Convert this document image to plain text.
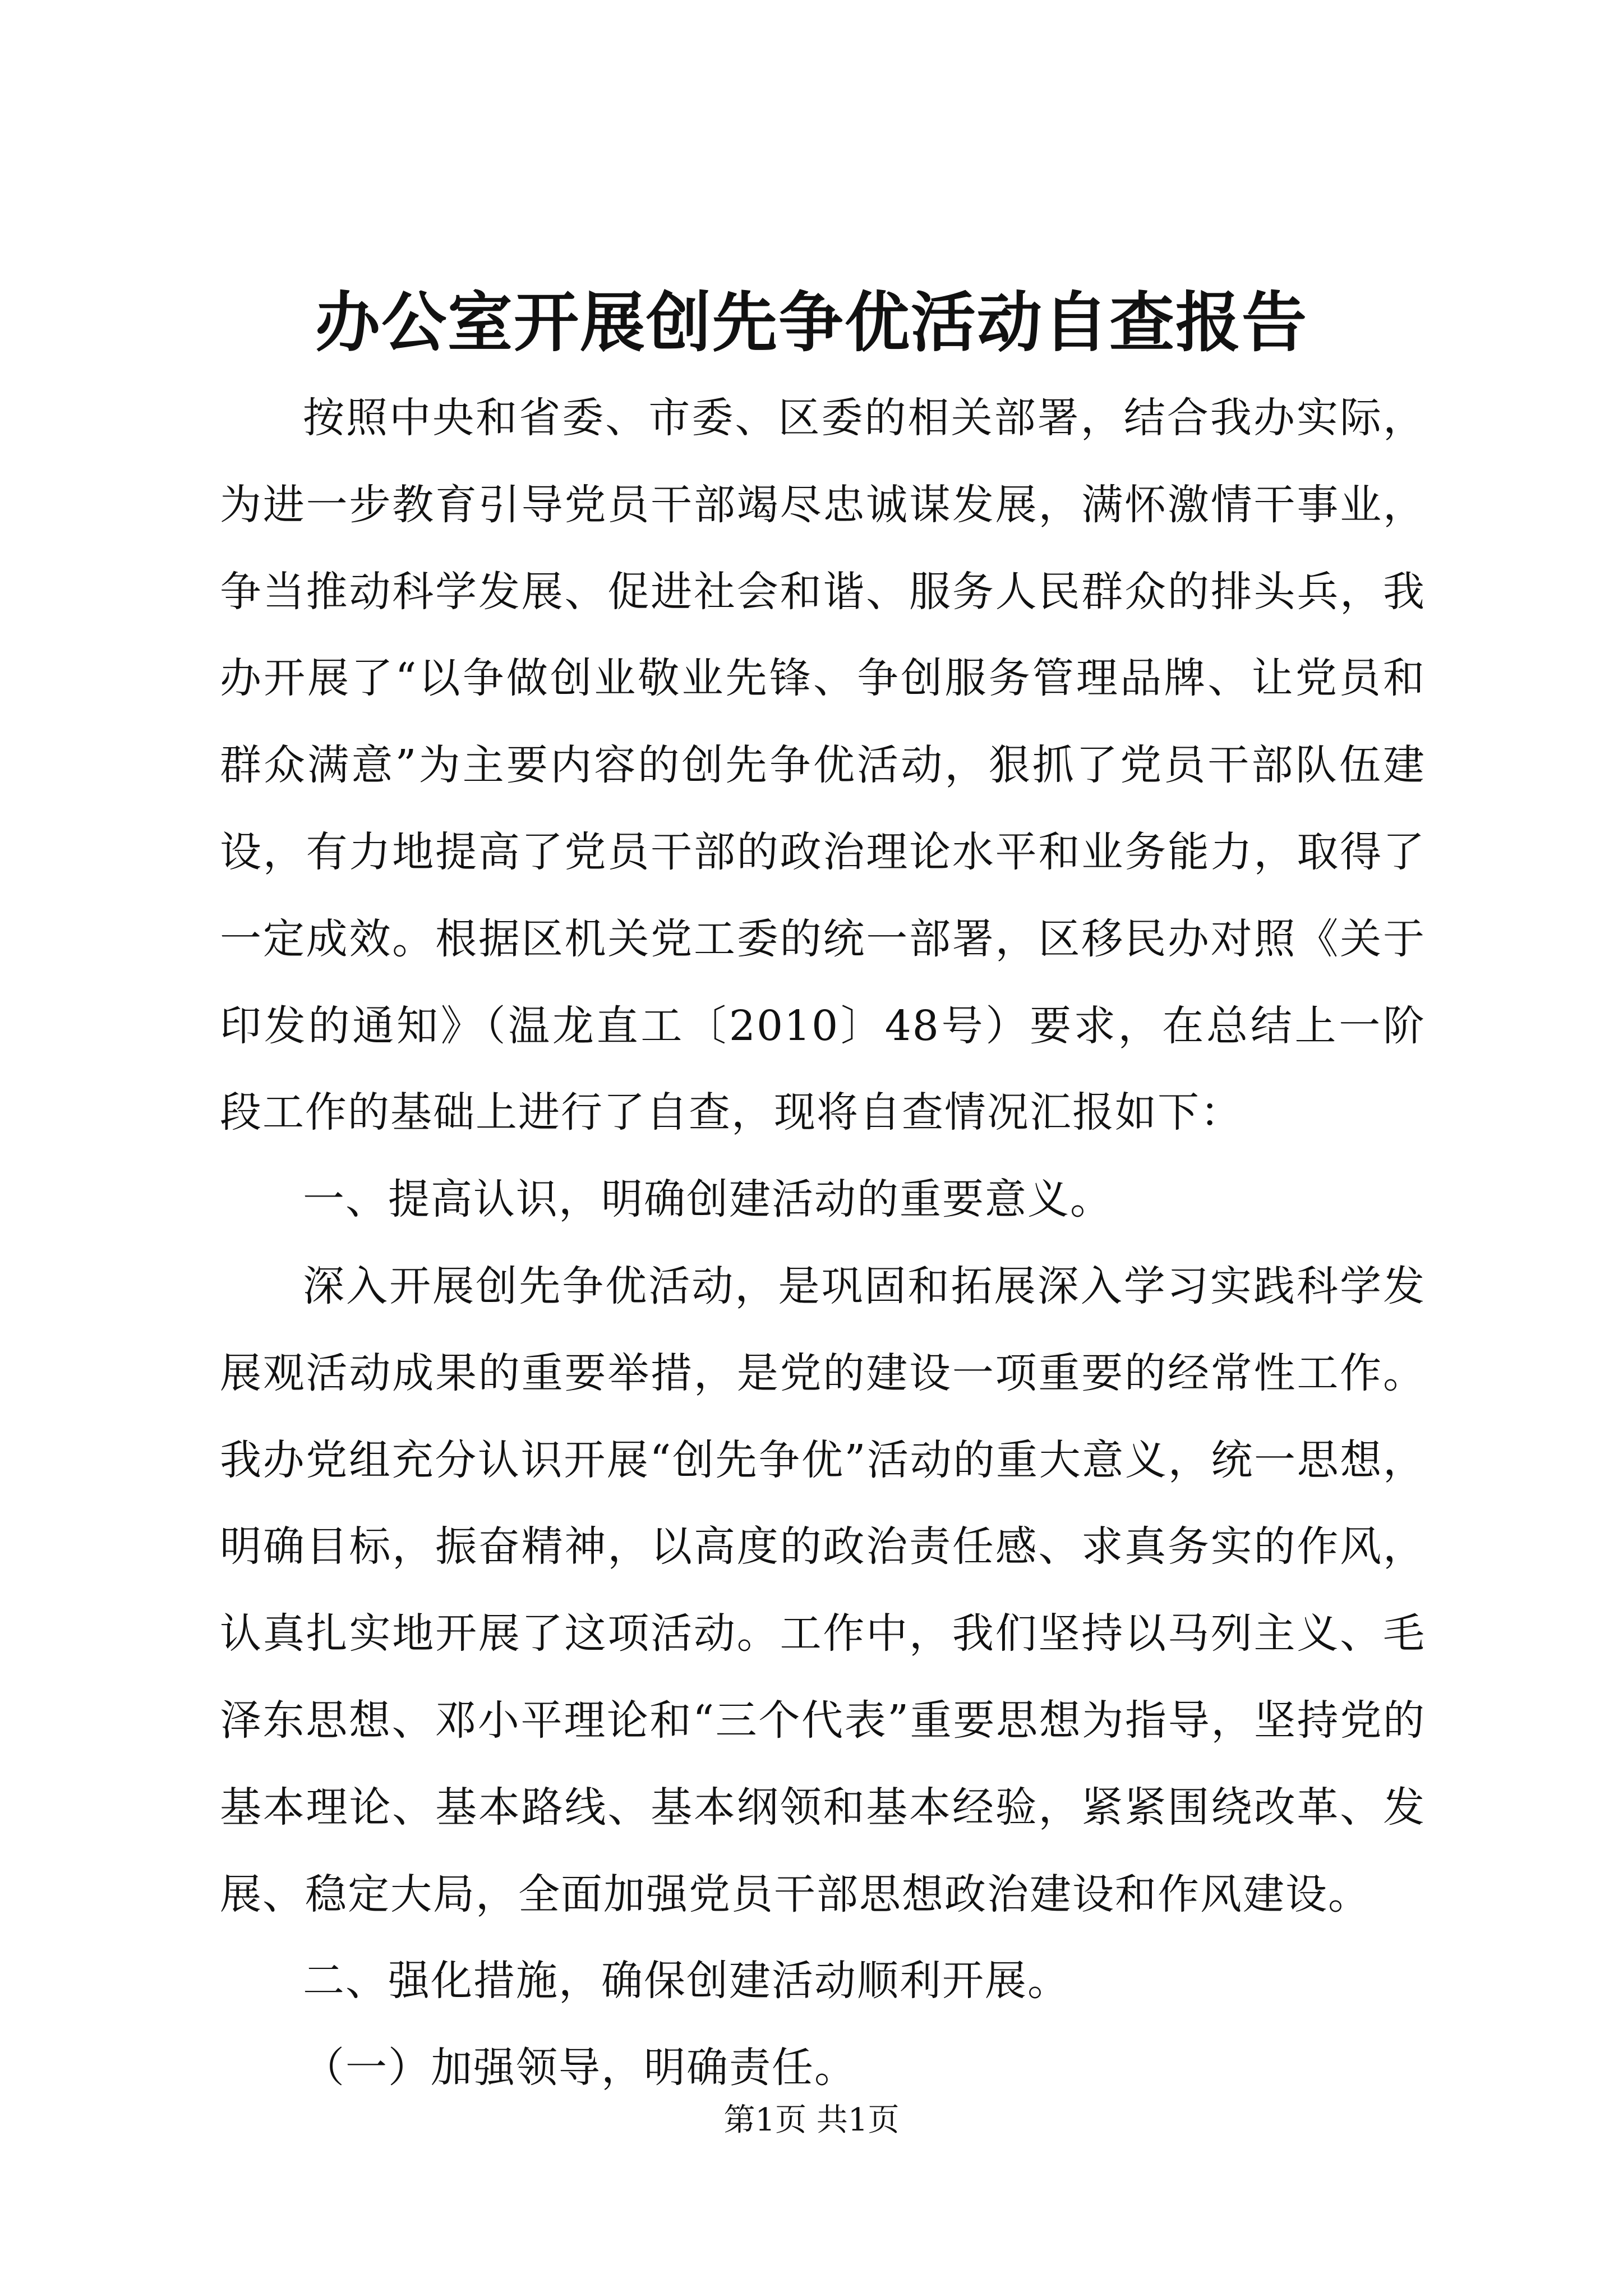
办公室开展创先争优活动自查报告

按照中央和省委、市委、区委的相关部署，结合我办实际，为进一步教育引导党员干部竭尽忠诚谋发展，满怀激情干事业，争当推动科学发展、促进社会和谐、服务人民群众的排头兵，我办开展了“以争做创业敬业先锋、争创服务管理品牌、让党员和群众满意”为主要内容的创先争优活动，狠抓了党员干部队伍建设，有力地提高了党员干部的政治理论水平和业务能力，取得了一定成效。根据区机关党工委的统一部署，区移民办对照《关于印发的通知》（温龙直工〔2010〕48号）要求，在总结上一阶段工作的基础上进行了自查，现将自查情况汇报如下：

一、提高认识，明确创建活动的重要意义。

深入开展创先争优活动，是巩固和拓展深入学习实践科学发展观活动成果的重要举措，是党的建设一项重要的经常性工作。我办党组充分认识开展“创先争优”活动的重大意义，统一思想，明确目标，振奋精神，以高度的政治责任感、求真务实的作风，认真扎实地开展了这项活动。工作中，我们坚持以马列主义、毛泽东思想、邓小平理论和“三个代表”重要思想为指导，坚持党的基本理论、基本路线、基本纲领和基本经验，紧紧围绕改革、发展、稳定大局，全面加强党员干部思想政治建设和作风建设。

二、强化措施，确保创建活动顺利开展。

（一）加强领导，明确责任。

第1页 共1页
